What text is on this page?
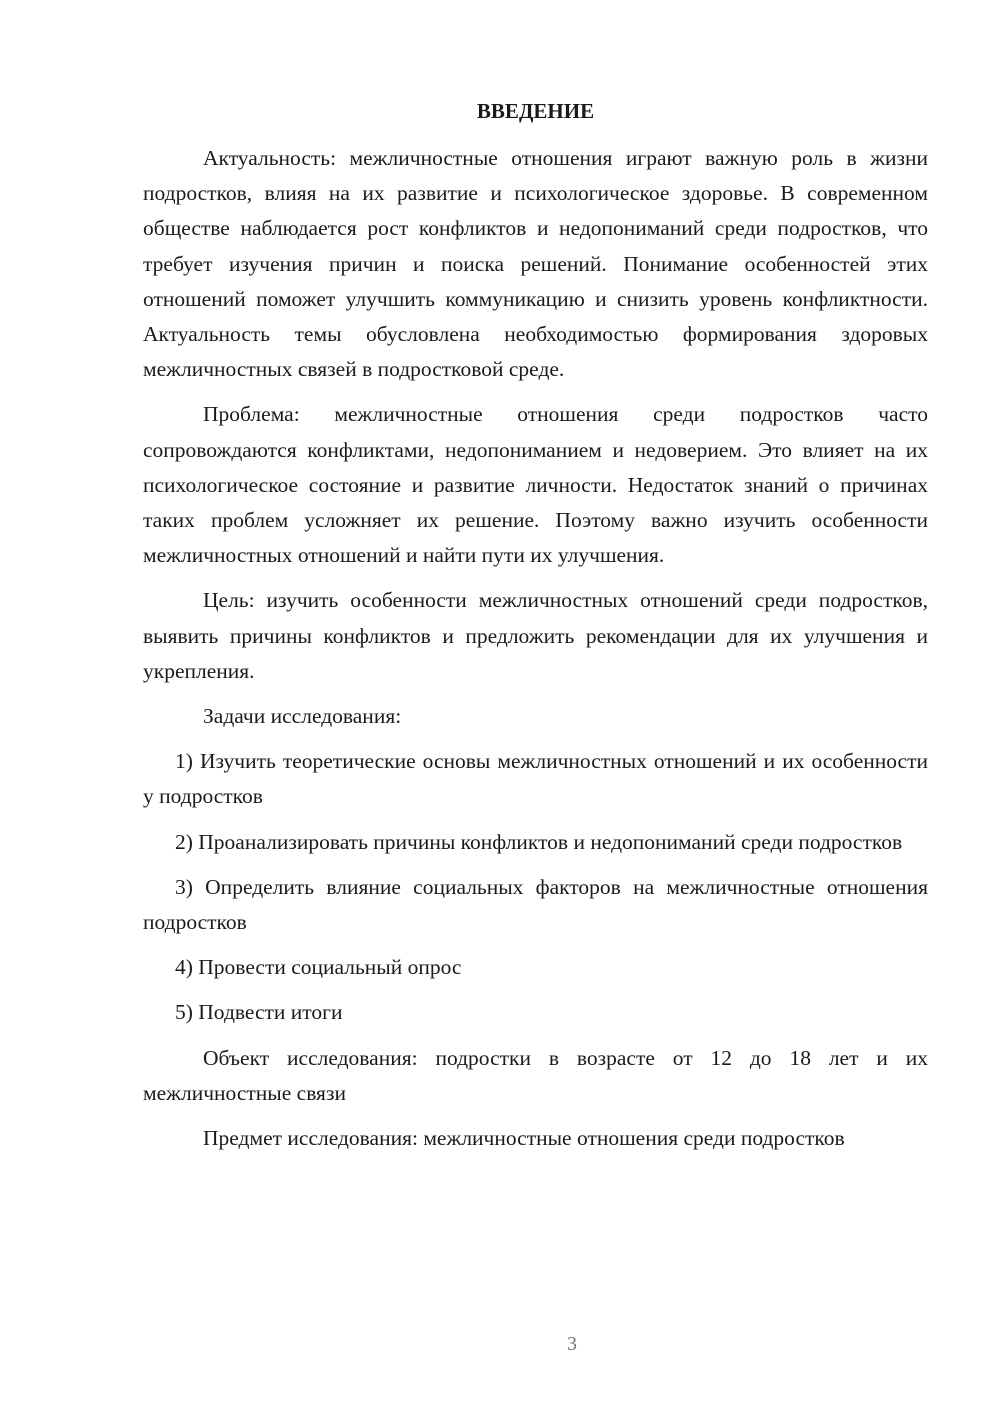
ВВЕДЕНИЕ

Актуальность: межличностные отношения играют важную роль в жизни подростков, влияя на их развитие и психологическое здоровье. В современном обществе наблюдается рост конфликтов и недопониманий среди подростков, что требует изучения причин и поиска решений. Понимание особенностей этих отношений поможет улучшить коммуникацию и снизить уровень конфликтности. Актуальность темы обусловлена необходимостью формирования здоровых межличностных связей в подростковой среде.

Проблема: межличностные отношения среди подростков часто сопровождаются конфликтами, недопониманием и недоверием. Это влияет на их психологическое состояние и развитие личности. Недостаток знаний о причинах таких проблем усложняет их решение. Поэтому важно изучить особенности межличностных отношений и найти пути их улучшения.

Цель: изучить особенности межличностных отношений среди подростков, выявить причины конфликтов и предложить рекомендации для их улучшения и укрепления.

Задачи исследования:

1) Изучить теоретические основы межличностных отношений и их особенности у подростков

2) Проанализировать причины конфликтов и недопониманий среди подростков

3) Определить влияние социальных факторов на межличностные отношения подростков

4) Провести социальный опрос

5) Подвести итоги

Объект исследования: подростки в возрасте от 12 до 18 лет и их межличностные связи

Предмет исследования: межличностные отношения среди подростков

3
